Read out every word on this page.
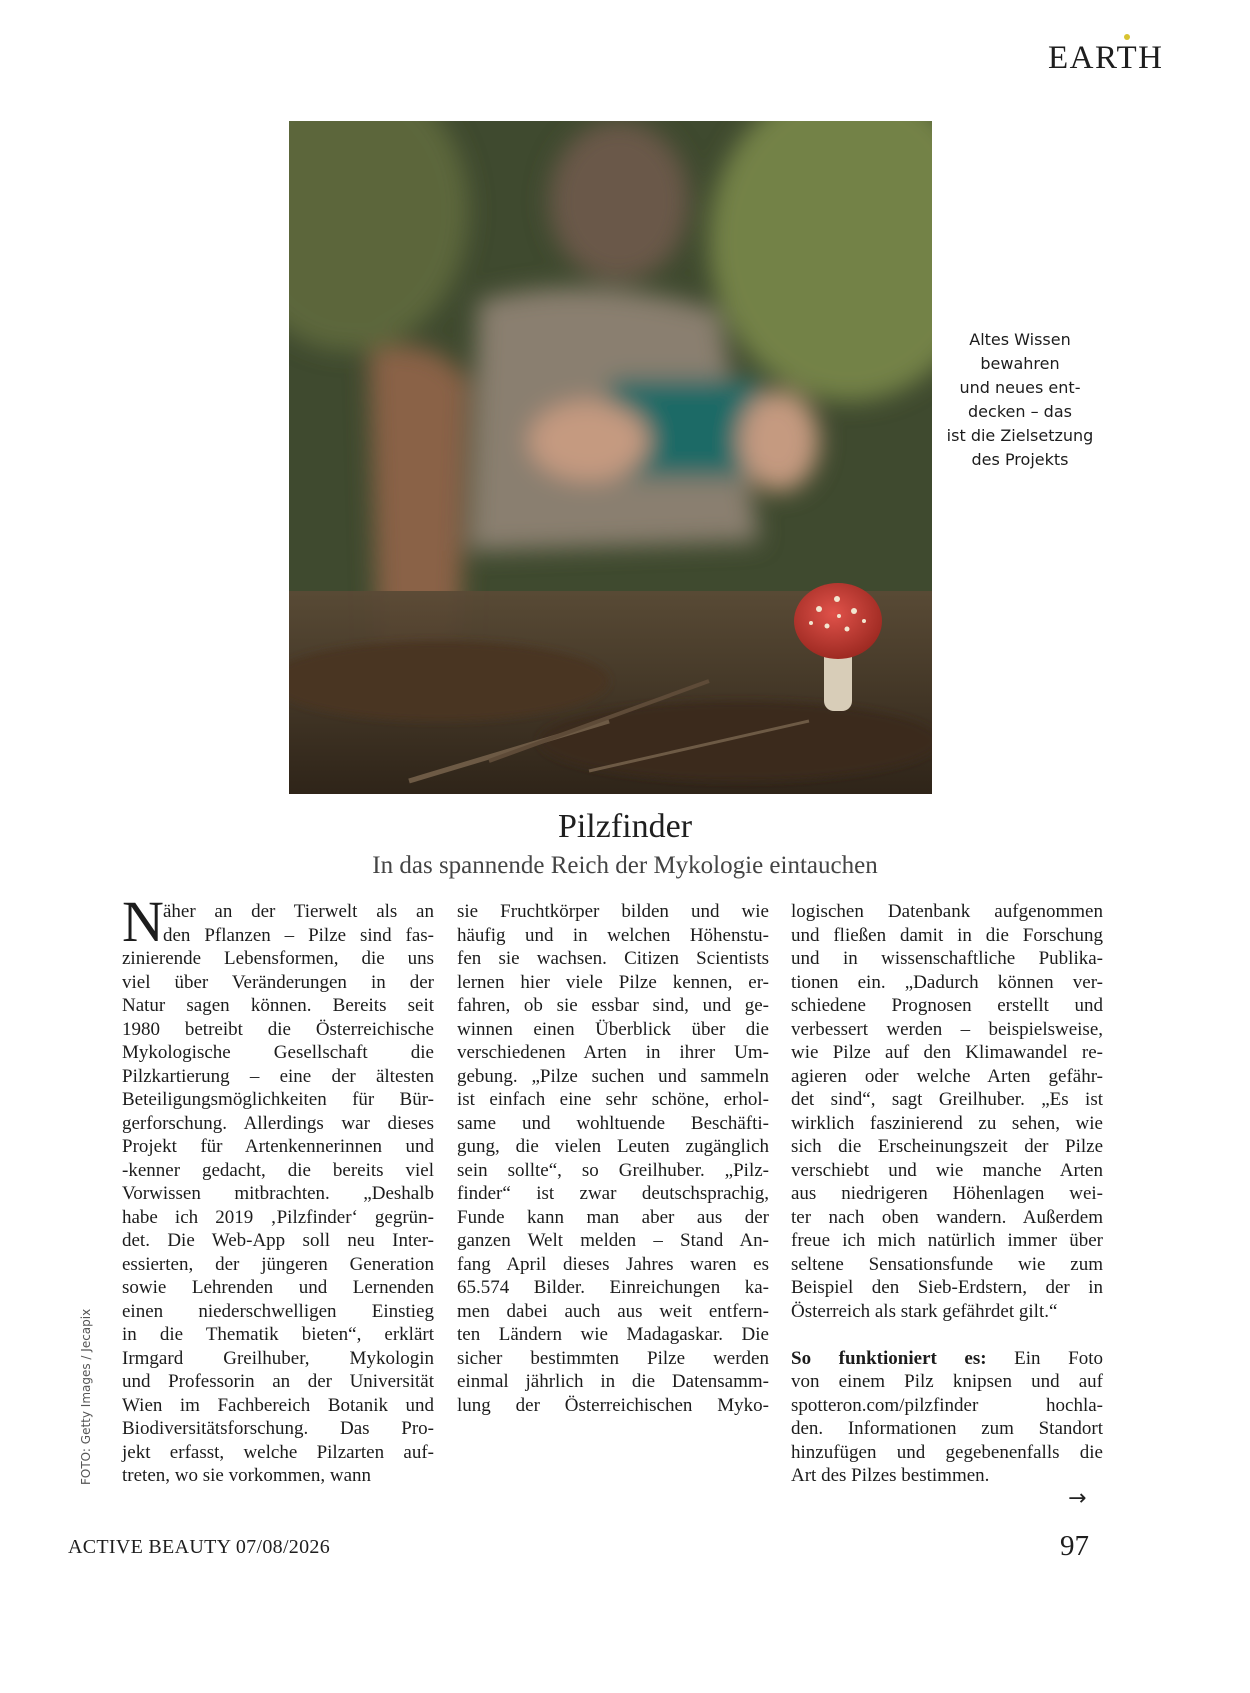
EARTH
Altes Wissen
bewahren
und neues ent-
decken – das
ist die Zielsetzung
des Projekts
Pilzfinder
In das spannende Reich der Mykologie eintauchen
N äher an der Tierwelt als an
den Pflanzen – Pilze sind fas-
zinierende Lebensformen, die uns
viel über Veränderungen in der
Natur sagen können. Bereits seit
1980 betreibt die Österreichische
Mykologische Gesellschaft die
Pilzkartierung – eine der ältesten
Beteiligungsmöglichkeiten für Bür-
gerforschung. Allerdings war dieses
Projekt für Artenkennerinnen und
-kenner gedacht, die bereits viel
Vorwissen mitbrachten. „Deshalb
habe ich 2019 ‚Pilzfinder‘ gegrün-
det. Die Web-App soll neu Inter-
essierten, der jüngeren Generation
sowie Lehrenden und Lernenden
einen niederschwelligen Einstieg
in die Thematik bieten“, erklärt
Irmgard Greilhuber, Mykologin
und Professorin an der Universität
Wien im Fachbereich Botanik und
Biodiversitätsforschung. Das Pro-
jekt erfasst, welche Pilzarten auf-
treten, wo sie vorkommen, wann
sie Fruchtkörper bilden und wie
häufig und in welchen Höhenstu-
fen sie wachsen. Citizen Scientists
lernen hier viele Pilze kennen, er-
fahren, ob sie essbar sind, und ge-
winnen einen Überblick über die
verschiedenen Arten in ihrer Um-
gebung. „Pilze suchen und sammeln
ist einfach eine sehr schöne, erhol-
same und wohltuende Beschäfti-
gung, die vielen Leuten zugänglich
sein sollte“, so Greilhuber. „Pilz-
finder“ ist zwar deutschsprachig,
Funde kann man aber aus der
ganzen Welt melden – Stand An-
fang April dieses Jahres waren es
65.574 Bilder. Einreichungen ka-
men dabei auch aus weit entfern-
ten Ländern wie Madagaskar. Die
sicher bestimmten Pilze werden
einmal jährlich in die Datensamm-
lung der Österreichischen Myko-
logischen Datenbank aufgenommen
und fließen damit in die Forschung
und in wissenschaftliche Publika-
tionen ein. „Dadurch können ver-
schiedene Prognosen erstellt und
verbessert werden – beispielsweise,
wie Pilze auf den Klimawandel re-
agieren oder welche Arten gefähr-
det sind“, sagt Greilhuber. „Es ist
wirklich faszinierend zu sehen, wie
sich die Erscheinungszeit der Pilze
verschiebt und wie manche Arten
aus niedrigeren Höhenlagen wei-
ter nach oben wandern. Außerdem
freue ich mich natürlich immer über
seltene Sensationsfunde wie zum
Beispiel den Sieb-Erdstern, der in
Österreich als stark gefährdet gilt.“
So funktioniert es: Ein Foto
von einem Pilz knipsen und auf
spotteron.com/pilzfinder hochla-
den. Informationen zum Standort
hinzufügen und gegebenenfalls die
Art des Pilzes bestimmen.
FOTO: Getty Images / Jecapix
→
ACTIVE BEAUTY 07/08/2026	97
